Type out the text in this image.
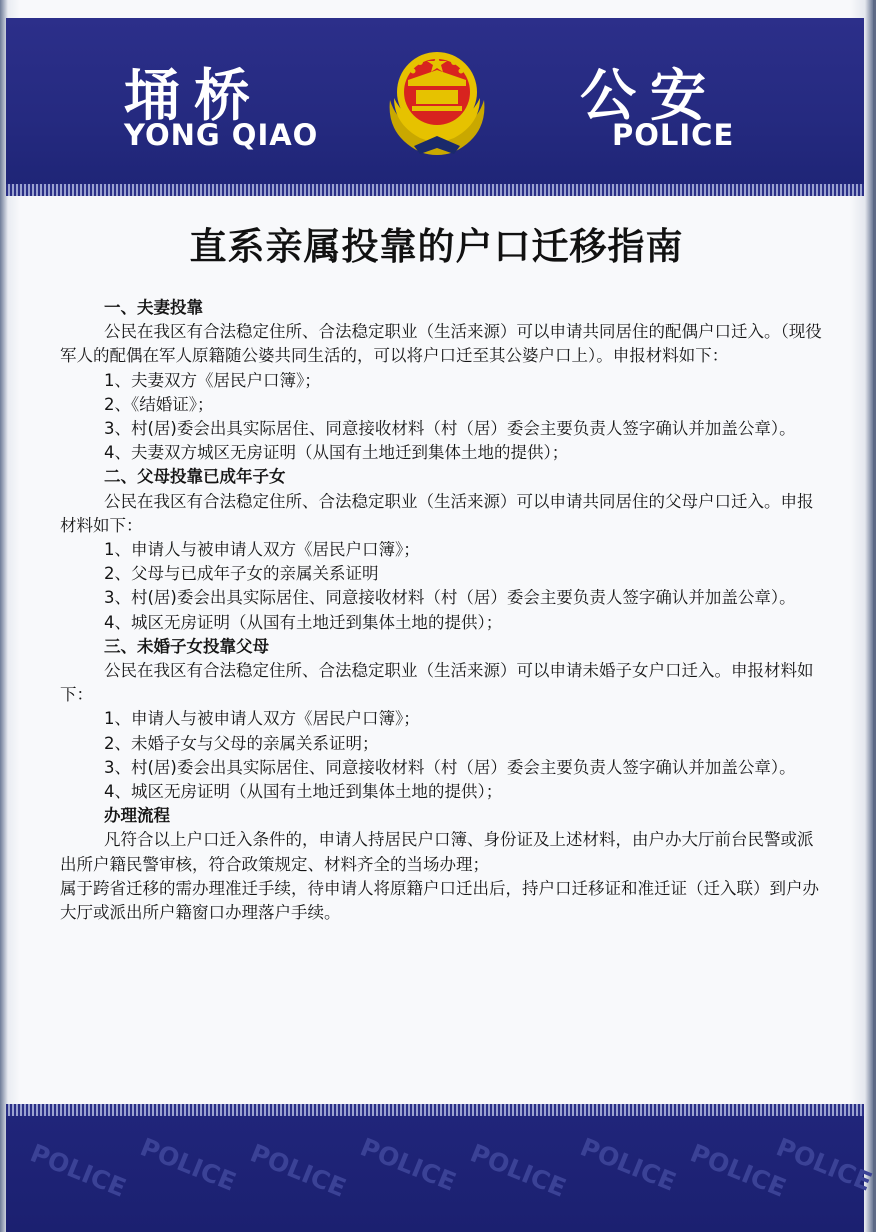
埇桥
YONG QIAO
公安
POLICE
直系亲属投靠的户口迁移指南

一、夫妻投靠

公民在我区有合法稳定住所、合法稳定职业（生活来源）可以申请共同居住的配偶户口迁入。（现役军人的配偶在军人原籍随公婆共同生活的，可以将户口迁至其公婆户口上）。申报材料如下：

1、夫妻双方《居民户口簿》；

2、《结婚证》；

3、村(居)委会出具实际居住、同意接收材料（村（居）委会主要负责人签字确认并加盖公章）。

4、夫妻双方城区无房证明（从国有土地迁到集体土地的提供）；

二、父母投靠已成年子女

公民在我区有合法稳定住所、合法稳定职业（生活来源）可以申请共同居住的父母户口迁入。申报材料如下：

1、申请人与被申请人双方《居民户口簿》；

2、父母与已成年子女的亲属关系证明

3、村(居)委会出具实际居住、同意接收材料（村（居）委会主要负责人签字确认并加盖公章）。

4、城区无房证明（从国有土地迁到集体土地的提供）；

三、未婚子女投靠父母

公民在我区有合法稳定住所、合法稳定职业（生活来源）可以申请未婚子女户口迁入。申报材料如下：

1、申请人与被申请人双方《居民户口簿》；

2、未婚子女与父母的亲属关系证明；

3、村(居)委会出具实际居住、同意接收材料（村（居）委会主要负责人签字确认并加盖公章）。

4、城区无房证明（从国有土地迁到集体土地的提供）；

办理流程

凡符合以上户口迁入条件的，申请人持居民户口簿、身份证及上述材料，由户办大厅前台民警或派出所户籍民警审核，符合政策规定、材料齐全的当场办理；

属于跨省迁移的需办理准迁手续，待申请人将原籍户口迁出后，持户口迁移证和准迁证（迁入联）到户办大厅或派出所户籍窗口办理落户手续。

POLICE POLICE POLICE POLICE POLICE POLICE POLICE
POLICE
